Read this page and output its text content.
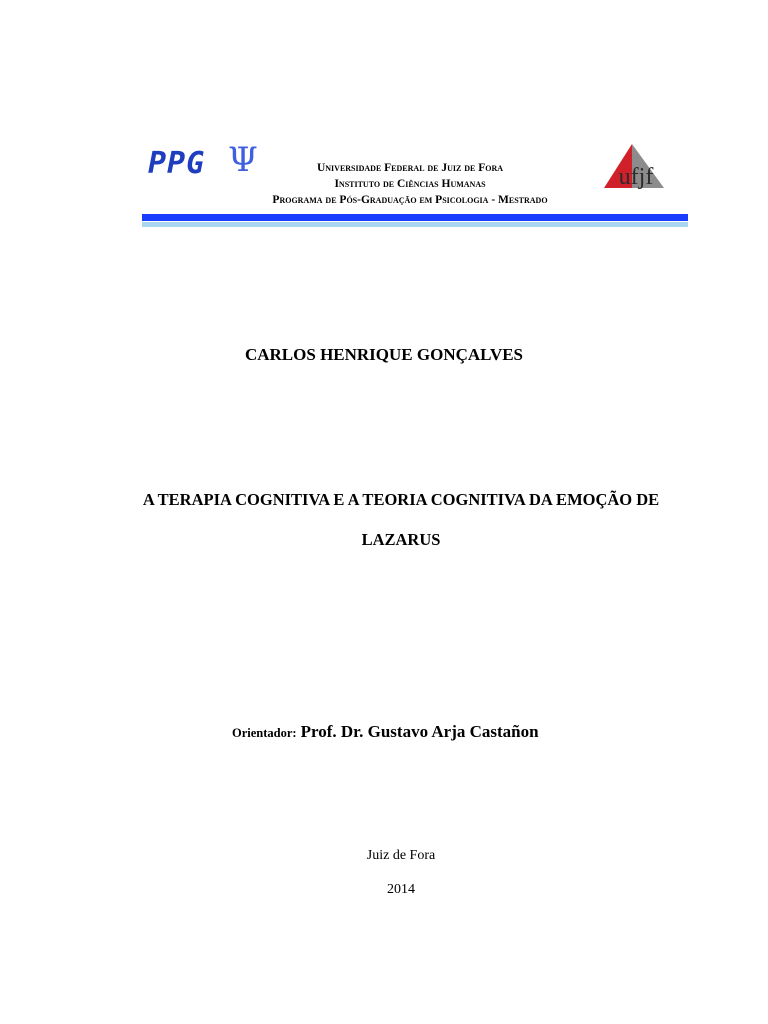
PPG Ψ	Universidade Federal de Juiz de Fora
Instituto de Ciências Humanas
Programa de Pós-Graduação em Psicologia - Mestrado
ufjf
CARLOS HENRIQUE GONÇALVES
A TERAPIA COGNITIVA E A TEORIA COGNITIVA DA EMOÇÃO DE
LAZARUS
Orientador: Prof. Dr. Gustavo Arja Castañon
Juiz de Fora
2014
